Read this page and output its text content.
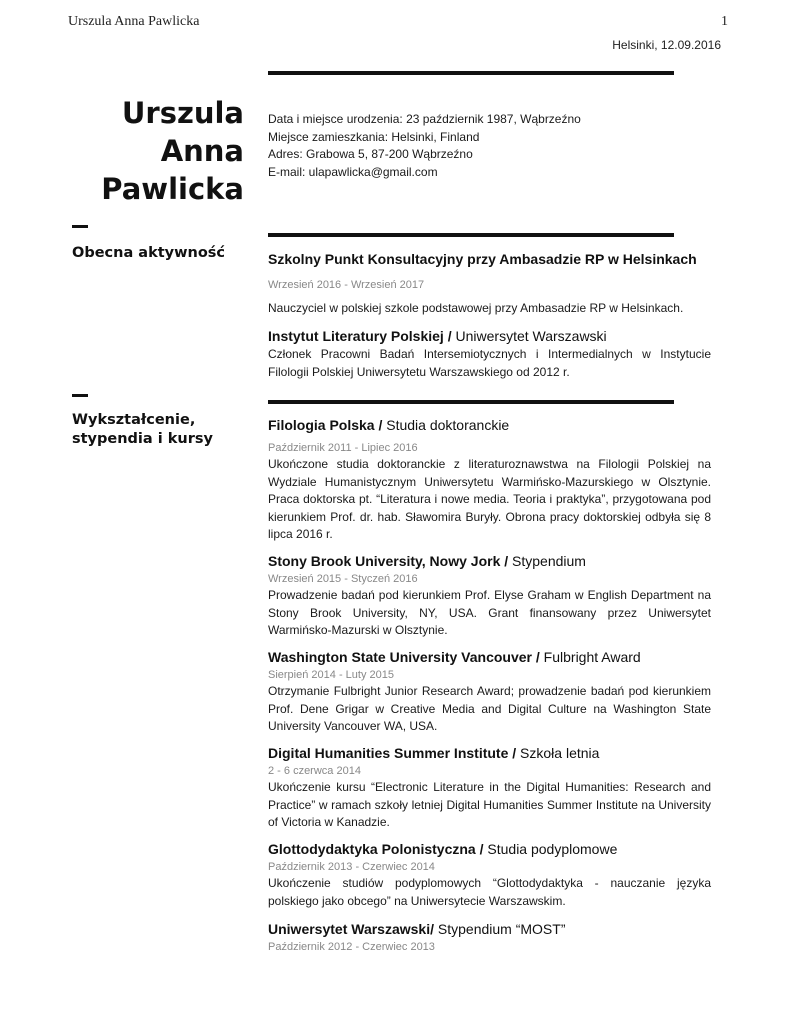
Urszula Anna Pawlicka	1
Helsinki, 12.09.2016
Urszula
Anna
Pawlicka
Data i miejsce urodzenia: 23 październik 1987, Wąbrzeźno
Miejsce zamieszkania: Helsinki, Finland
Adres: Grabowa 5, 87-200 Wąbrzeźno
E-mail: ulapawlicka@gmail.com
Obecna aktywność
Wykształcenie,
stypendia i kursy
Szkolny Punkt Konsultacyjny przy Ambasadzie RP w Helsinkach
Wrzesień 2016 - Wrzesień 2017
Nauczyciel w polskiej szkole podstawowej przy Ambasadzie RP w Helsinkach.
Instytut Literatury Polskiej / Uniwersytet Warszawski
Członek Pracowni Badań Intersemiotycznych i Intermedialnych w Instytucie Filologii Polskiej Uniwersytetu Warszawskiego od 2012 r.
Filologia Polska / Studia doktoranckie
Październik 2011 - Lipiec 2016
Ukończone studia doktoranckie z literaturoznawstwa na Filologii Polskiej na Wydziale Humanistycznym Uniwersytetu Warmińsko-Mazurskiego w Olsztynie. Praca doktorska pt. “Literatura i nowe media. Teoria i praktyka”, przygotowana pod kierunkiem Prof. dr. hab. Sławomira Buryły. Obrona pracy doktorskiej odbyła się 8 lipca 2016 r.
Stony Brook University, Nowy Jork / Stypendium
Wrzesień 2015 - Styczeń 2016
Prowadzenie badań pod kierunkiem Prof. Elyse Graham w English Department na Stony Brook University, NY, USA. Grant finansowany przez Uniwersytet Warmińsko-Mazurski w Olsztynie.
Washington State University Vancouver / Fulbright Award
Sierpień 2014 - Luty 2015
Otrzymanie Fulbright Junior Research Award; prowadzenie badań pod kierunkiem Prof. Dene Grigar w Creative Media and Digital Culture na Washington State University Vancouver WA, USA.
Digital Humanities Summer Institute / Szkoła letnia
2 - 6 czerwca 2014
Ukończenie kursu “Electronic Literature in the Digital Humanities: Research and Practice” w ramach szkoły letniej Digital Humanities Summer Institute na University of Victoria w Kanadzie.
Glottodydaktyka Polonistyczna / Studia podyplomowe
Październik 2013 - Czerwiec 2014
Ukończenie studiów podyplomowych “Glottodydaktyka - nauczanie języka polskiego jako obcego” na Uniwersytecie Warszawskim.
Uniwersytet Warszawski/ Stypendium “MOST”
Październik 2012 - Czerwiec 2013
